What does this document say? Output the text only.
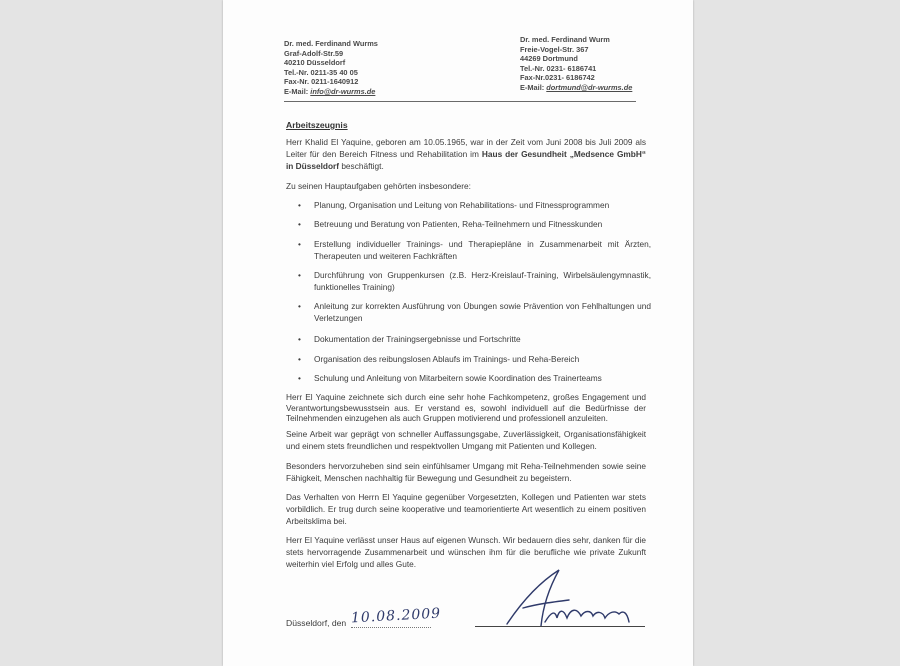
Dr. med. Ferdinand Wurms
Graf-Adolf-Str.59
40210 Düsseldorf
Tel.-Nr. 0211-35 40 05
Fax-Nr. 0211-1640912
E-Mail: info@dr-wurms.de
Dr. med. Ferdinand Wurm
Freie-Vogel-Str. 367
44269 Dortmund
Tel.-Nr. 0231- 6186741
Fax-Nr.0231- 6186742
E-Mail: dortmund@dr-wurms.de
Arbeitszeugnis
Herr Khalid El Yaquine, geboren am 10.05.1965, war in der Zeit vom Juni 2008 bis Juli 2009 als Leiter für den Bereich Fitness und Rehabilitation im Haus der Gesundheit „Medsence GmbH“ in Düsseldorf beschäftigt.
Zu seinen Hauptaufgaben gehörten insbesondere:
• Planung, Organisation und Leitung von Rehabilitations- und Fitnessprogrammen
• Betreuung und Beratung von Patienten, Reha-Teilnehmern und Fitnesskunden
• Erstellung individueller Trainings- und Therapiepläne in Zusammenarbeit mit Ärzten, Therapeuten und weiteren Fachkräften
• Durchführung von Gruppenkursen (z.B. Herz-Kreislauf-Training, Wirbelsäulengymnastik, funktionelles Training)
• Anleitung zur korrekten Ausführung von Übungen sowie Prävention von Fehlhaltungen und Verletzungen
• Dokumentation der Trainingsergebnisse und Fortschritte
• Organisation des reibungslosen Ablaufs im Trainings- und Reha-Bereich
• Schulung und Anleitung von Mitarbeitern sowie Koordination des Trainerteams
Herr El Yaquine zeichnete sich durch eine sehr hohe Fachkompetenz, großes Engagement und Verantwortungsbewusstsein aus. Er verstand es, sowohl individuell auf die Bedürfnisse der Teilnehmenden einzugehen als auch Gruppen motivierend und professionell anzuleiten.
Seine Arbeit war geprägt von schneller Auffassungsgabe, Zuverlässigkeit, Organisationsfähigkeit und einem stets freundlichen und respektvollen Umgang mit Patienten und Kollegen.
Besonders hervorzuheben sind sein einfühlsamer Umgang mit Reha-Teilnehmenden sowie seine Fähigkeit, Menschen nachhaltig für Bewegung und Gesundheit zu begeistern.
Das Verhalten von Herrn El Yaquine gegenüber Vorgesetzten, Kollegen und Patienten war stets vorbildlich. Er trug durch seine kooperative und teamorientierte Art wesentlich zu einem positiven Arbeitsklima bei.
Herr El Yaquine verlässt unser Haus auf eigenen Wunsch. Wir bedauern dies sehr, danken für die stets hervorragende Zusammenarbeit und wünschen ihm für die berufliche wie private Zukunft weiterhin viel Erfolg und alles Gute.
Düsseldorf, den 10.08.2009
